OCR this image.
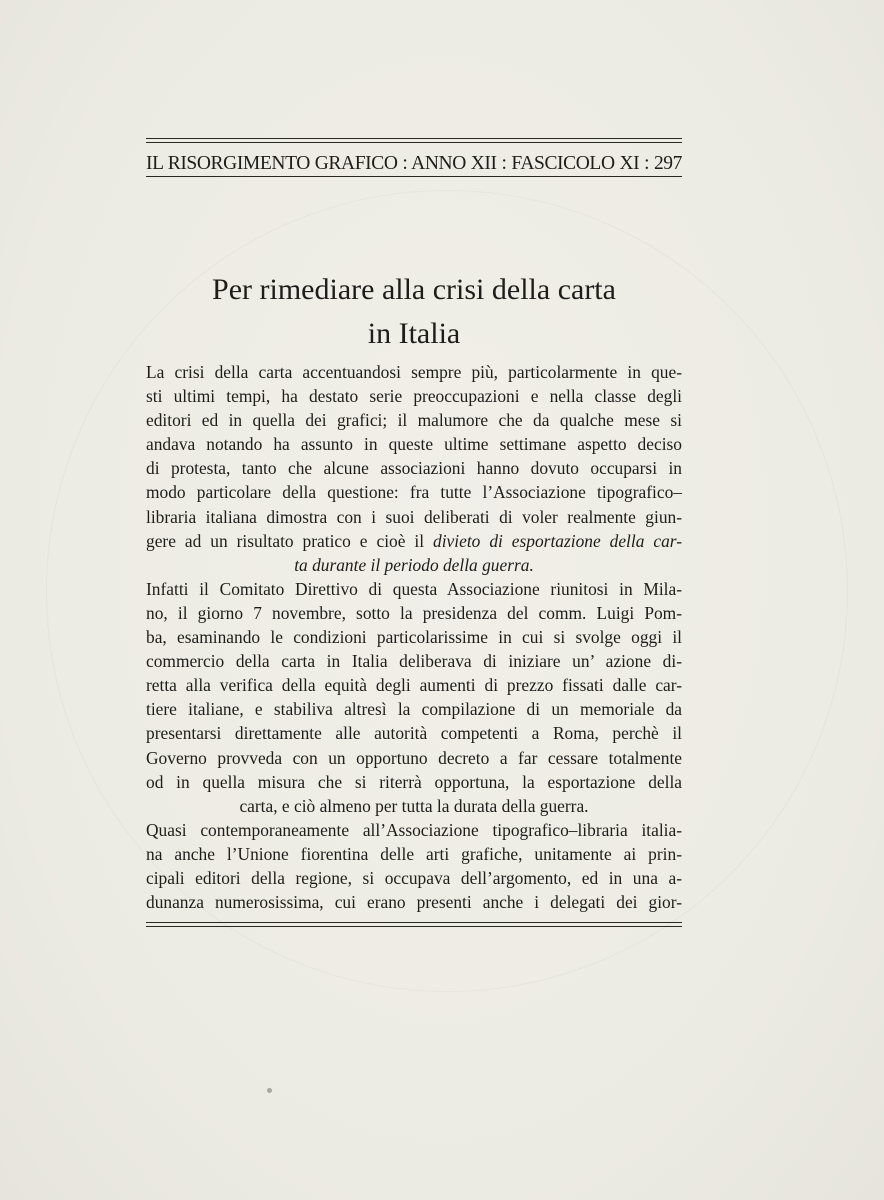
IL RISORGIMENTO GRAFICO : ANNO XII : FASCICOLO XI : 297
Per rimediare alla crisi della carta
in Italia
La crisi della carta accentuandosi sempre più, particolarmente in que-
sti ultimi tempi, ha destato serie preoccupazioni e nella classe degli
editori ed in quella dei grafici; il malumore che da qualche mese si
andava notando ha assunto in queste ultime settimane aspetto deciso
di protesta, tanto che alcune associazioni hanno dovuto occuparsi in
modo particolare della questione: fra tutte l’Associazione tipografico–
libraria italiana dimostra con i suoi deliberati di voler realmente giun-
gere ad un risultato pratico e cioè il divieto di esportazione della car-
ta durante il periodo della guerra.
Infatti il Comitato Direttivo di questa Associazione riunitosi in Mila-
no, il giorno 7 novembre, sotto la presidenza del comm. Luigi Pom-
ba, esaminando le condizioni particolarissime in cui si svolge oggi il
commercio della carta in Italia deliberava di iniziare un’ azione di-
retta alla verifica della equità degli aumenti di prezzo fissati dalle car-
tiere italiane, e stabiliva altresì la compilazione di un memoriale da
presentarsi direttamente alle autorità competenti a Roma, perchè il
Governo provveda con un opportuno decreto a far cessare totalmente
od in quella misura che si riterrà opportuna, la esportazione della
carta, e ciò almeno per tutta la durata della guerra.
Quasi contemporaneamente all’Associazione tipografico–libraria italia-
na anche l’Unione fiorentina delle arti grafiche, unitamente ai prin-
cipali editori della regione, si occupava dell’argomento, ed in una a-
dunanza numerosissima, cui erano presenti anche i delegati dei gior-
